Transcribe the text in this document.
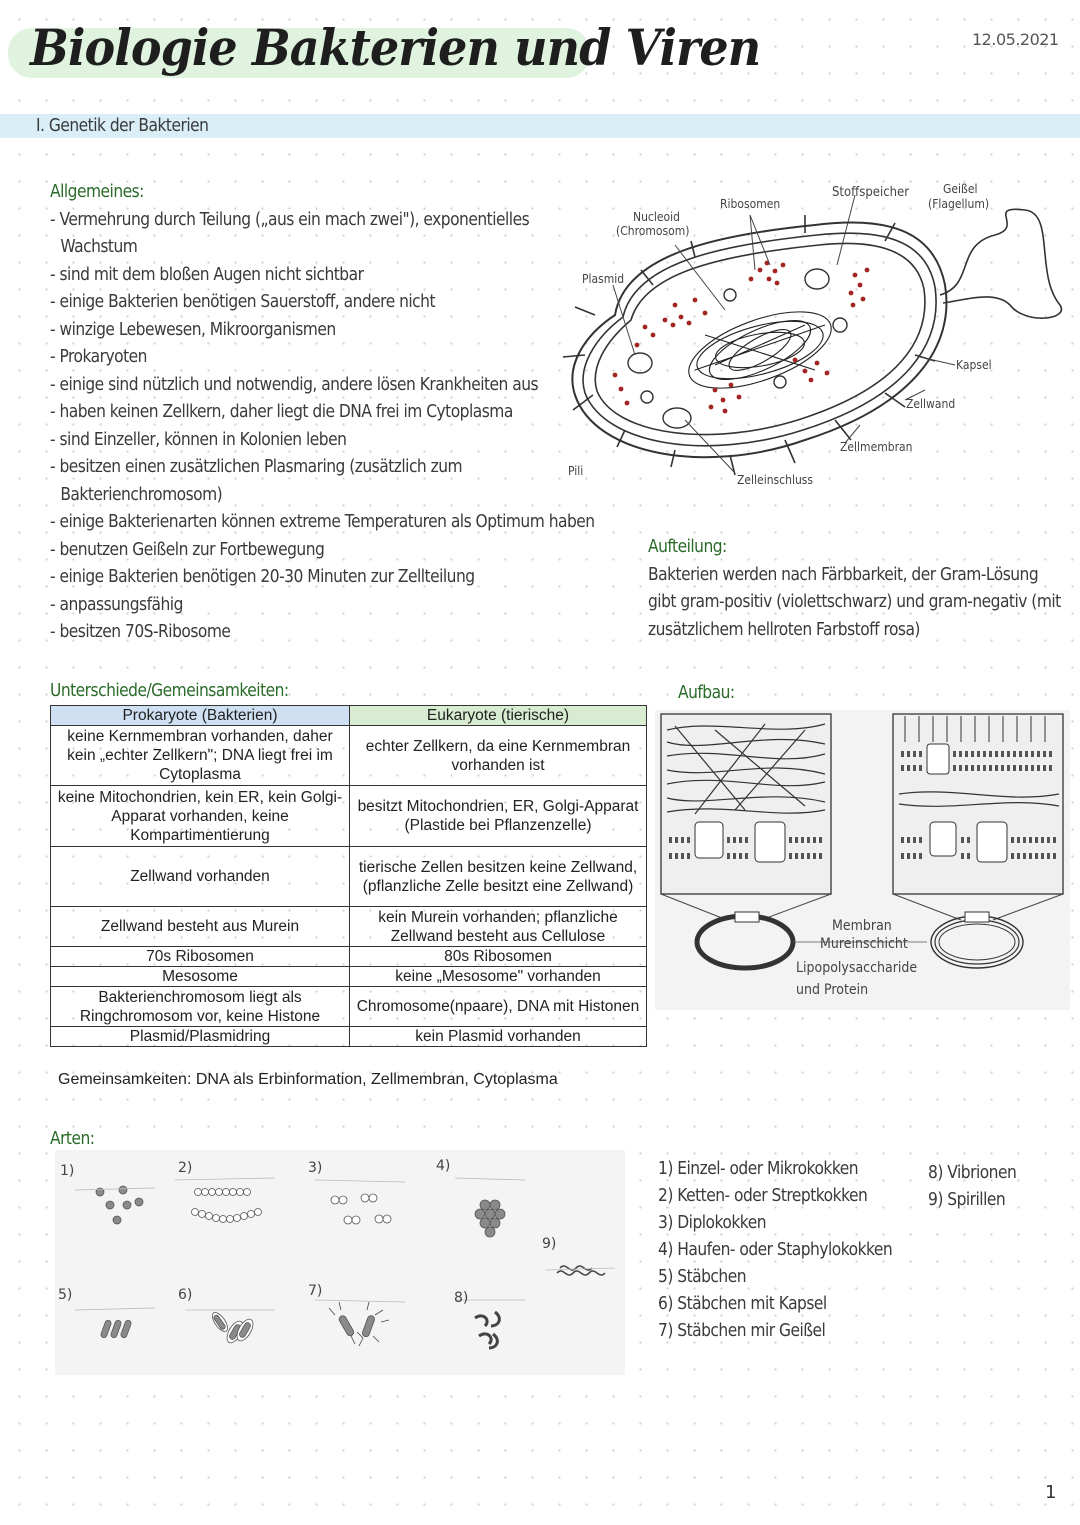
Biologie Bakterien und Viren	12.05.2021
I. Genetik der Bakterien
Allgemeines:
- Vermehrung durch Teilung („aus ein mach zwei"), exponentielles
Wachstum
- sind mit dem bloßen Augen nicht sichtbar
- einige Bakterien benötigen Sauerstoff, andere nicht
- winzige Lebewesen, Mikroorganismen
- Prokaryoten
- einige sind nützlich und notwendig, andere lösen Krankheiten aus
- haben keinen Zellkern, daher liegt die DNA frei im Cytoplasma
- sind Einzeller, können in Kolonien leben
- besitzen einen zusätzlichen Plasmaring (zusätzlich zum
Bakterienchromosom)
- einige Bakterienarten können extreme Temperaturen als Optimum haben
- benutzen Geißeln zur Fortbewegung
- einige Bakterien benötigen 20-30 Minuten zur Zellteilung
- anpassungsfähig
- besitzen 70S-Ribosome
Nucleoid
(Chromosom)
Ribosomen
Stoffspeicher	Geißel
(Flagellum)
Plasmid
Kapsel
Zellwand
Zellmembran
Pili
Zelleinschluss
Aufteilung:
Bakterien werden nach Färbbarkeit, der Gram-Lösung
gibt gram-positiv (violettschwarz) und gram-negativ (mit
zusätzlichem hellroten Farbstoff rosa)
Unterschiede/Gemeinsamkeiten:
Prokaryote (Bakterien)	Eukaryote (tierische)
keine Kernmembran vorhanden, daher kein „echter Zellkern"; DNA liegt frei im Cytoplasma	echter Zellkern, da eine Kernmembran vorhanden ist
keine Mitochondrien, kein ER, kein Golgi-Apparat vorhanden, keine Kompartimentierung	besitzt Mitochondrien, ER, Golgi-Apparat (Plastide bei Pflanzenzelle)
Zellwand vorhanden	tierische Zellen besitzen keine Zellwand, (pflanzliche Zelle besitzt eine Zellwand)
Zellwand besteht aus Murein	kein Murein vorhanden; pflanzliche Zellwand besteht aus Cellulose
70s Ribosomen	80s Ribosomen
Mesosome	keine „Mesosome" vorhanden
Bakterienchromosom liegt als Ringchromosom vor, keine Histone	Chromosome(npaare), DNA mit Histonen
Plasmid/Plasmidring	kein Plasmid vorhanden
Gemeinsamkeiten: DNA als Erbinformation, Zellmembran, Cytoplasma
Aufbau:
Membran
Mureinschicht
Lipopolysaccharide
und Protein
Arten:
1)	2)	3)	4)
9)
5)	6)	7)	8)
1) Einzel- oder Mikrokokken
2) Ketten- oder Streptkokken
3) Diplokokken
4) Haufen- oder Staphylokokken
5) Stäbchen
6) Stäbchen mit Kapsel
7) Stäbchen mir Geißel
8) Vibrionen
9) Spirillen
1
